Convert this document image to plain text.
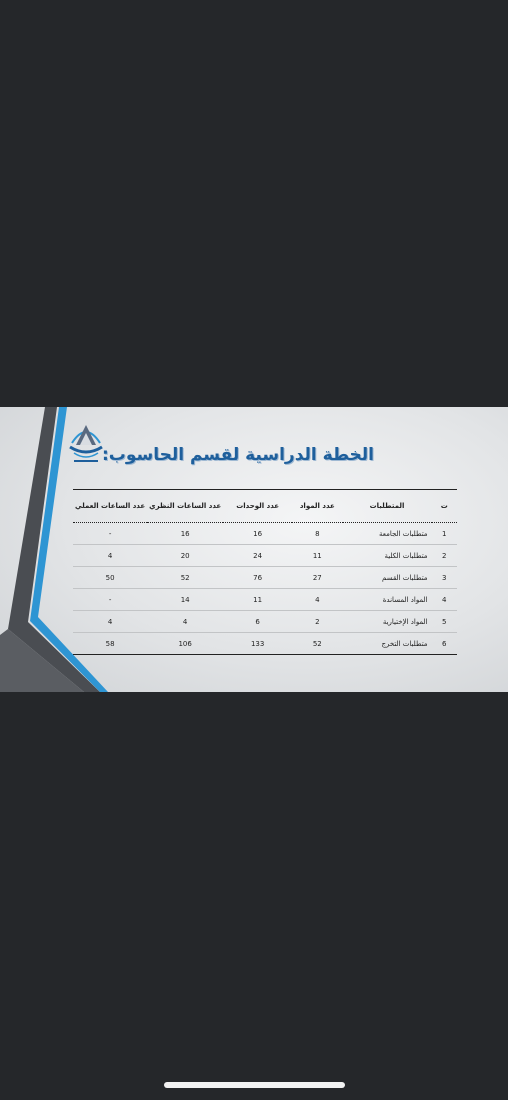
الخطة الدراسية لقسم الحاسوب:
ت	المتطلبات	عدد المواد	عدد الوحدات	عدد الساعات النظري	عدد الساعات العملي
1	متطلبات الجامعة	8	16	16	-
2	متطلبات الكلية	11	24	20	4
3	متطلبات القسم	27	76	52	50
4	المواد المساندة	4	11	14	-
5	المواد الإختيارية	2	6	4	4
6	متطلبات التخرج	52	133	106	58
